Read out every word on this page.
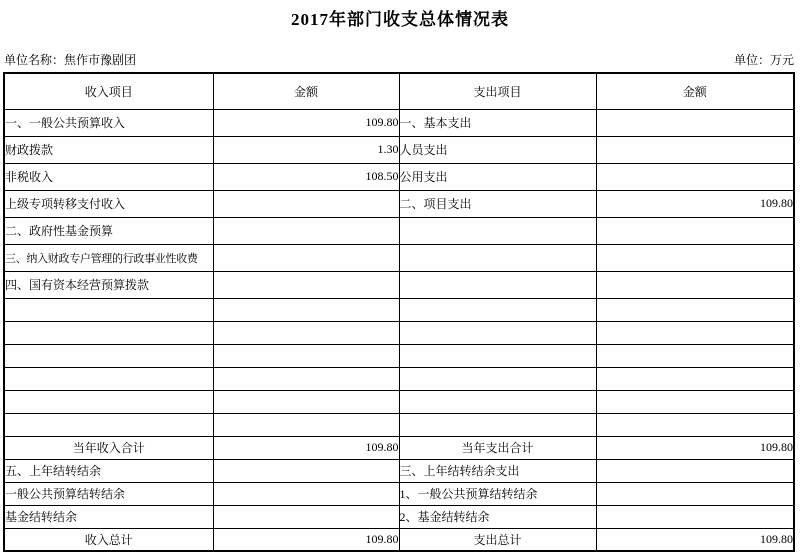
2017年部门收支总体情况表
单位名称：焦作市豫剧团	单位：万元
收入项目	金额	支出项目	金额
一、一般公共预算收入	109.80	一、基本支出	
财政拨款	1.30	人员支出	
非税收入	108.50	公用支出	
上级专项转移支付收入		二、项目支出	109.80
二、政府性基金预算			
三、纳入财政专户管理的行政事业性收费			
四、国有资本经营预算拨款			

当年收入合计	109.80	当年支出合计	109.80
五、上年结转结余		三、上年结转结余支出	
一般公共预算结转结余		1、一般公共预算结转结余	
基金结转结余		2、基金结转结余	
收入总计	109.80	支出总计	109.80
